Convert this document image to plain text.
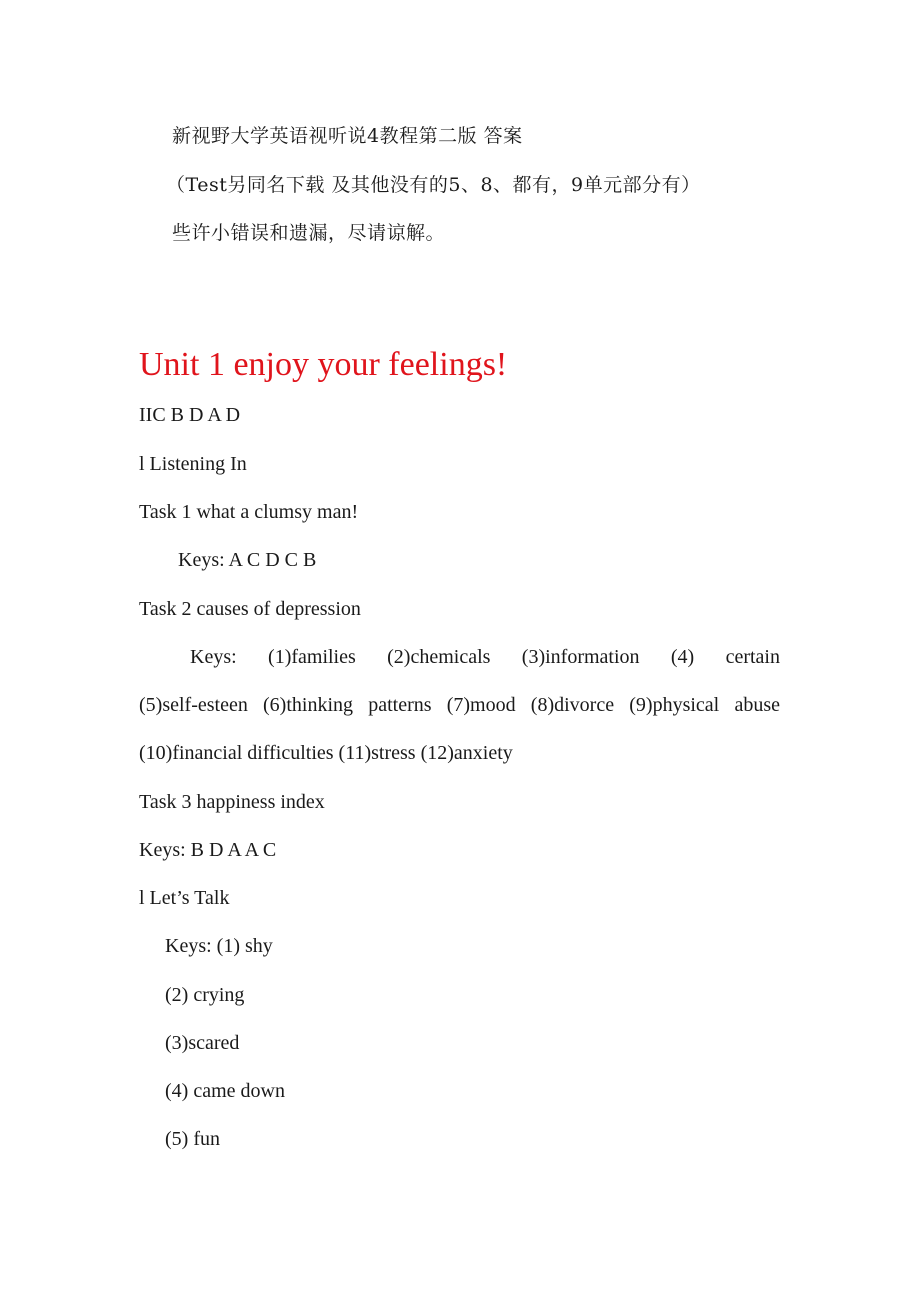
新视野大学英语视听说4教程第二版 答案
（Test另同名下载 及其他没有的5、8、都有，9单元部分有）
些许小错误和遗漏，尽请谅解。
Unit 1 enjoy your feelings!
IIC B D A D
l Listening In
Task 1 what a clumsy man!
Keys: A C D C B
Task 2 causes of depression
Keys: (1)families (2)chemicals (3)information (4) certain
(5)self-esteen (6)thinking patterns (7)mood (8)divorce (9)physical abuse
(10)financial difficulties (11)stress (12)anxiety
Task 3 happiness index
Keys: B D A A C
l Let’s Talk
Keys: (1) shy
(2) crying
(3)scared
(4) came down
(5) fun
